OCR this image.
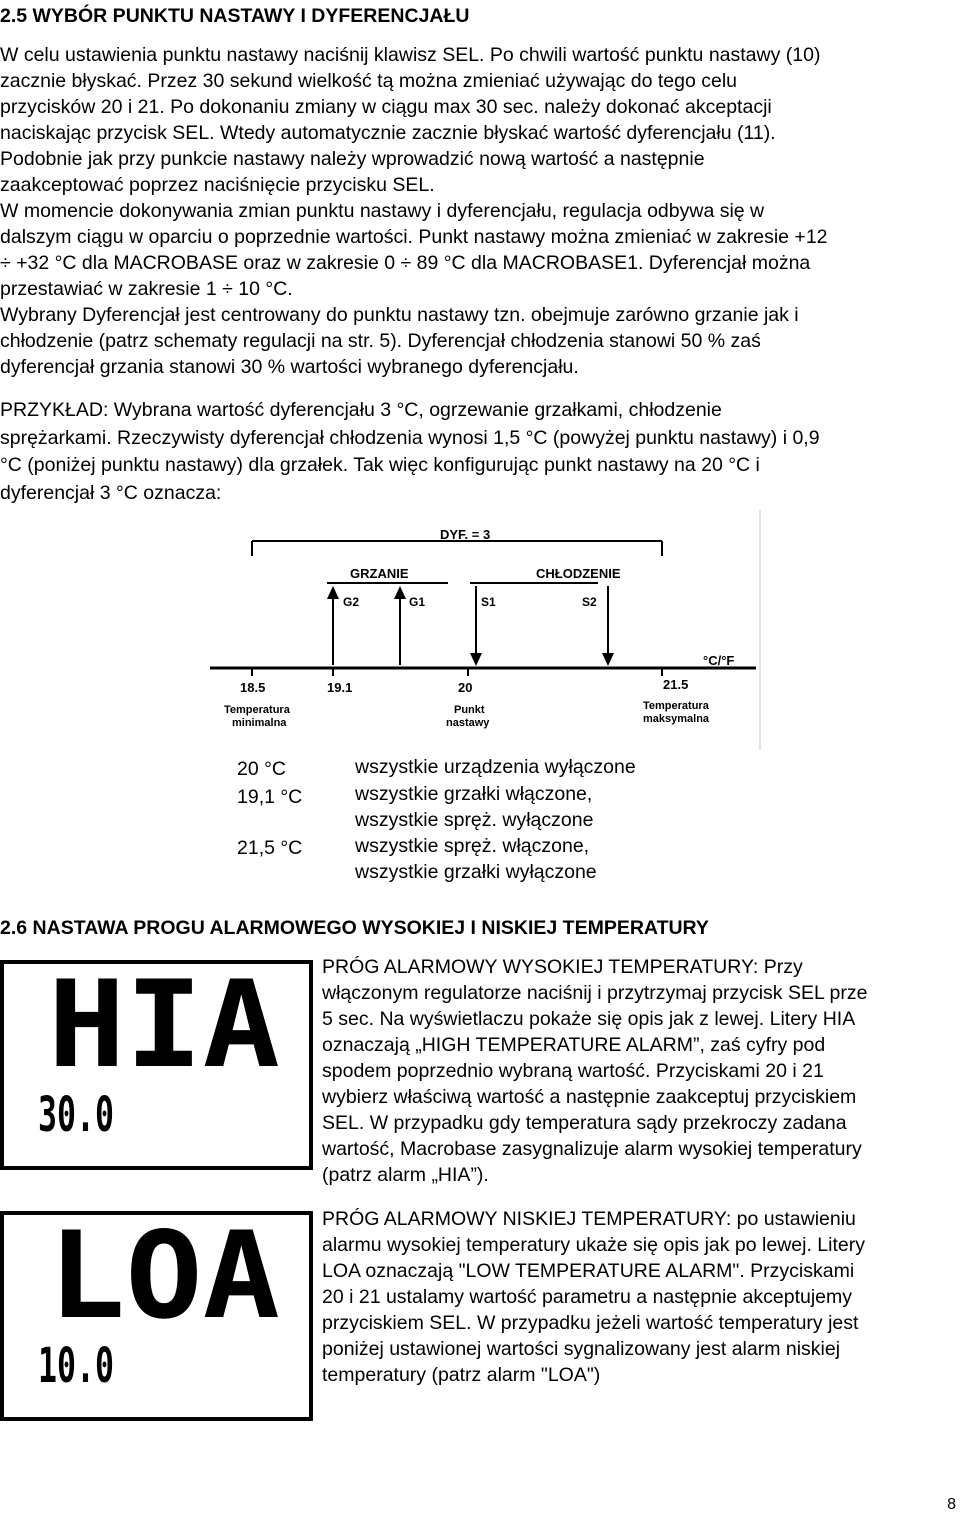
2.5 WYBÓR PUNKTU NASTAWY I DYFERENCJAŁU
W celu ustawienia punktu nastawy naciśnij klawisz SEL. Po chwili wartość punktu nastawy (10)
zacznie błyskać. Przez 30 sekund wielkość tą można zmieniać używając do tego celu
przycisków 20 i 21. Po dokonaniu zmiany w ciągu max 30 sec. należy dokonać akceptacji
naciskając przycisk SEL. Wtedy automatycznie zacznie błyskać wartość dyferencjału (11).
Podobnie jak przy punkcie nastawy należy wprowadzić nową wartość a następnie
zaakceptować poprzez naciśnięcie przycisku SEL.
W momencie dokonywania zmian punktu nastawy i dyferencjału, regulacja odbywa się w
dalszym ciągu w oparciu o poprzednie wartości. Punkt nastawy można zmieniać w zakresie +12
÷ +32 °C dla MACROBASE oraz w zakresie 0 ÷ 89 °C dla MACROBASE1. Dyferencjał można
przestawiać w zakresie 1 ÷ 10 °C.
Wybrany Dyferencjał jest centrowany do punktu nastawy tzn. obejmuje zarówno grzanie jak i
chłodzenie (patrz schematy regulacji na str. 5). Dyferencjał chłodzenia stanowi 50 % zaś
dyferencjał grzania stanowi 30 % wartości wybranego dyferencjału.
PRZYKŁAD: Wybrana wartość dyferencjału 3 °C, ogrzewanie grzałkami, chłodzenie
sprężarkami. Rzeczywisty dyferencjał chłodzenia wynosi 1,5 °C (powyżej punktu nastawy) i 0,9
°C (poniżej punktu nastawy) dla grzałek. Tak więc konfigurując punkt nastawy na 20 °C i
dyferencjał 3 °C oznacza:
DYF. = 3
GRZANIE	CHŁODZENIE
G2	G1	S1	S2
°C/°F
18.5	19.1	20	21.5
Temperatura
minimalna
Punkt
nastawy
Temperatura
maksymalna
20 °C	wszystkie urządzenia wyłączone
19,1 °C	wszystkie grzałki włączone,
wszystkie spręż. wyłączone
21,5 °C	wszystkie spręż. włączone,
wszystkie grzałki wyłączone
2.6 NASTAWA PROGU ALARMOWEGO WYSOKIEJ I NISKIEJ TEMPERATURY
HIA
30.0
PRÓG ALARMOWY WYSOKIEJ TEMPERATURY: Przy
włączonym regulatorze naciśnij i przytrzymaj przycisk SEL prze
5 sec. Na wyświetlaczu pokaże się opis jak z lewej. Litery HIA
oznaczają „HIGH TEMPERATURE ALARM”, zaś cyfry pod
spodem poprzednio wybraną wartość. Przyciskami 20 i 21
wybierz właściwą wartość a następnie zaakceptuj przyciskiem
SEL. W przypadku gdy temperatura sądy przekroczy zadana
wartość, Macrobase zasygnalizuje alarm wysokiej temperatury
(patrz alarm „HIA”).
LOA
10.0
PRÓG ALARMOWY NISKIEJ TEMPERATURY: po ustawieniu
alarmu wysokiej temperatury ukaże się opis jak po lewej. Litery
LOA oznaczają "LOW TEMPERATURE ALARM". Przyciskami
20 i 21 ustalamy wartość parametru a następnie akceptujemy
przyciskiem SEL. W przypadku jeżeli wartość temperatury jest
poniżej ustawionej wartości sygnalizowany jest alarm niskiej
temperatury (patrz alarm "LOA")
8
